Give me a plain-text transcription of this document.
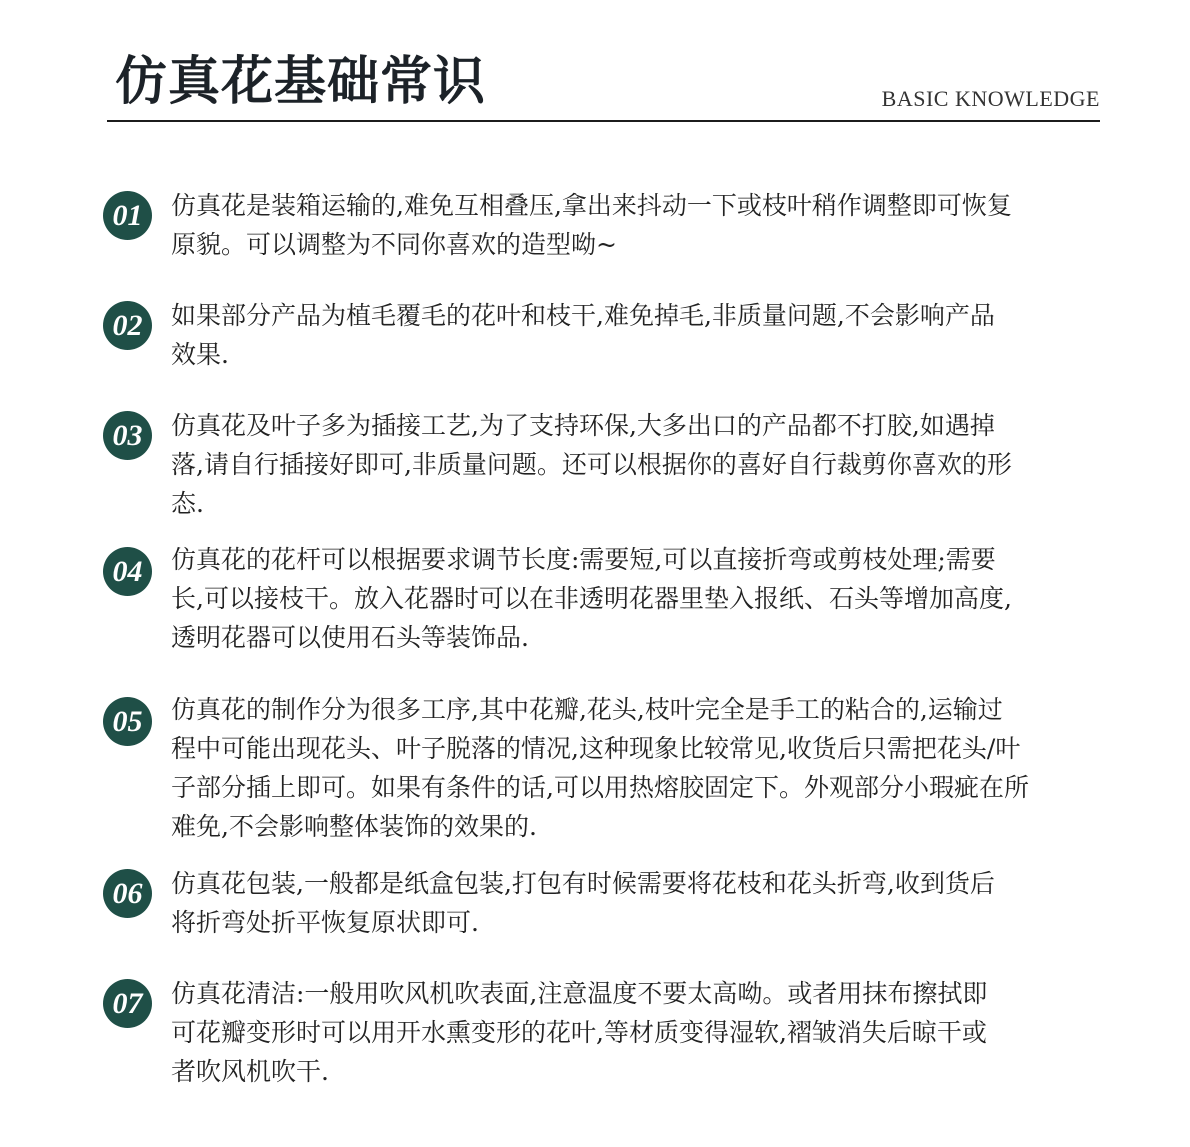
仿真花基础常识	BASIC KNOWLEDGE
01	仿真花是装箱运输的,难免互相叠压,拿出来抖动一下或枝叶稍作调整即可恢复
原貌。可以调整为不同你喜欢的造型呦~
02	如果部分产品为植毛覆毛的花叶和枝干,难免掉毛,非质量问题,不会影响产品
效果.
03	仿真花及叶子多为插接工艺,为了支持环保,大多出口的产品都不打胶,如遇掉
落,请自行插接好即可,非质量问题。还可以根据你的喜好自行裁剪你喜欢的形
态.
04	仿真花的花杆可以根据要求调节长度:需要短,可以直接折弯或剪枝处理;需要
长,可以接枝干。放入花器时可以在非透明花器里垫入报纸、石头等增加高度,
透明花器可以使用石头等装饰品.
05	仿真花的制作分为很多工序,其中花瓣,花头,枝叶完全是手工的粘合的,运输过
程中可能出现花头、叶子脱落的情况,这种现象比较常见,收货后只需把花头/叶
子部分插上即可。如果有条件的话,可以用热熔胶固定下。外观部分小瑕疵在所
难免,不会影响整体装饰的效果的.
06	仿真花包装,一般都是纸盒包装,打包有时候需要将花枝和花头折弯,收到货后
将折弯处折平恢复原状即可.
07	仿真花清洁:一般用吹风机吹表面,注意温度不要太高呦。或者用抹布擦拭即
可花瓣变形时可以用开水熏变形的花叶,等材质变得湿软,褶皱消失后晾干或
者吹风机吹干.
